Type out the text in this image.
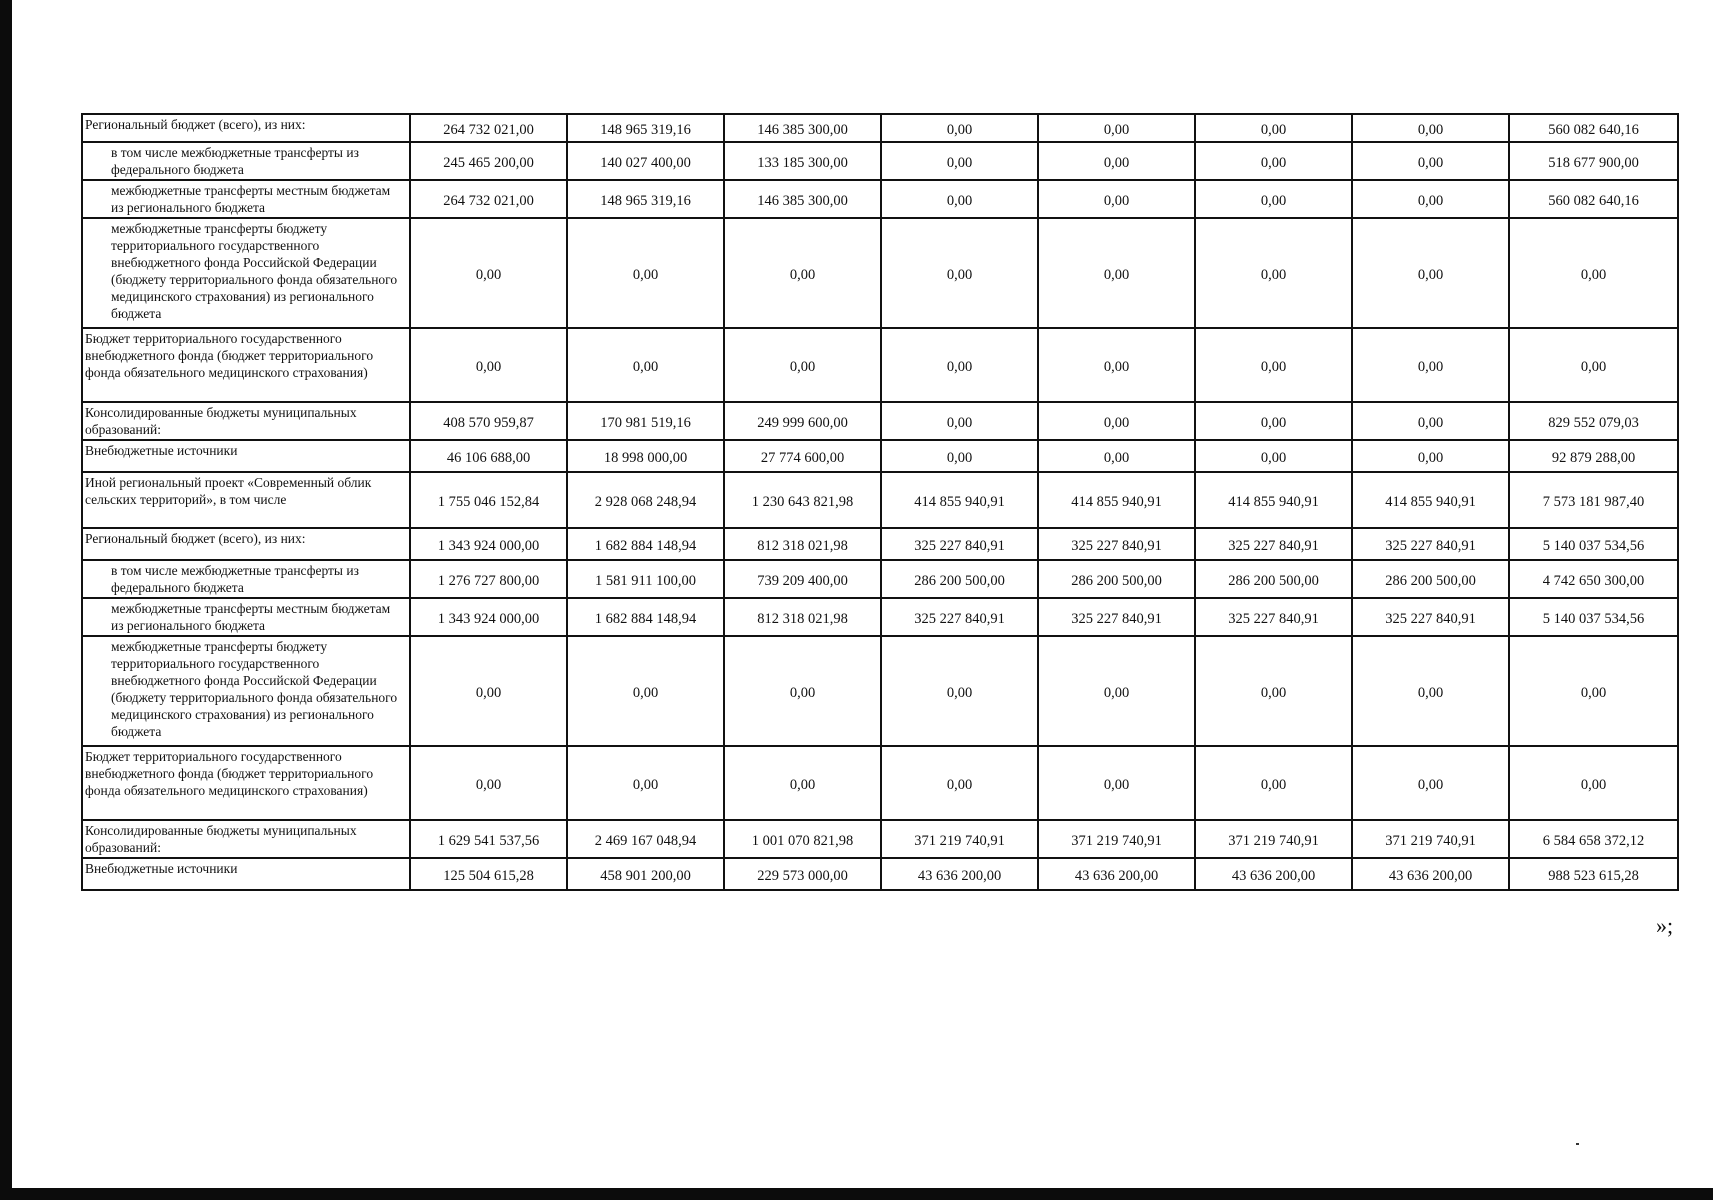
Региональный бюджет (всего), из них:	264 732 021,00	148 965 319,16	146 385 300,00	0,00	0,00	0,00	0,00	560 082 640,16
в том числе межбюджетные трансферты из федерального бюджета	245 465 200,00	140 027 400,00	133 185 300,00	0,00	0,00	0,00	0,00	518 677 900,00
межбюджетные трансферты местным бюджетам из регионального бюджета	264 732 021,00	148 965 319,16	146 385 300,00	0,00	0,00	0,00	0,00	560 082 640,16
межбюджетные трансферты бюджету территориального государственного внебюджетного фонда Российской Федерации (бюджету территориального фонда обязательного медицинского страхования) из регионального бюджета	0,00	0,00	0,00	0,00	0,00	0,00	0,00	0,00
Бюджет территориального государственного внебюджетного фонда (бюджет территориального фонда обязательного медицинского страхования)	0,00	0,00	0,00	0,00	0,00	0,00	0,00	0,00
Консолидированные бюджеты муниципальных образований:	408 570 959,87	170 981 519,16	249 999 600,00	0,00	0,00	0,00	0,00	829 552 079,03
Внебюджетные источники	46 106 688,00	18 998 000,00	27 774 600,00	0,00	0,00	0,00	0,00	92 879 288,00
Иной региональный проект «Современный облик сельских территорий», в том числе	1 755 046 152,84	2 928 068 248,94	1 230 643 821,98	414 855 940,91	414 855 940,91	414 855 940,91	414 855 940,91	7 573 181 987,40
Региональный бюджет (всего), из них:	1 343 924 000,00	1 682 884 148,94	812 318 021,98	325 227 840,91	325 227 840,91	325 227 840,91	325 227 840,91	5 140 037 534,56
в том числе межбюджетные трансферты из федерального бюджета	1 276 727 800,00	1 581 911 100,00	739 209 400,00	286 200 500,00	286 200 500,00	286 200 500,00	286 200 500,00	4 742 650 300,00
межбюджетные трансферты местным бюджетам из регионального бюджета	1 343 924 000,00	1 682 884 148,94	812 318 021,98	325 227 840,91	325 227 840,91	325 227 840,91	325 227 840,91	5 140 037 534,56
межбюджетные трансферты бюджету территориального государственного внебюджетного фонда Российской Федерации (бюджету территориального фонда обязательного медицинского страхования) из регионального бюджета	0,00	0,00	0,00	0,00	0,00	0,00	0,00	0,00
Бюджет территориального государственного внебюджетного фонда (бюджет территориального фонда обязательного медицинского страхования)	0,00	0,00	0,00	0,00	0,00	0,00	0,00	0,00
Консолидированные бюджеты муниципальных образований:	1 629 541 537,56	2 469 167 048,94	1 001 070 821,98	371 219 740,91	371 219 740,91	371 219 740,91	371 219 740,91	6 584 658 372,12
Внебюджетные источники	125 504 615,28	458 901 200,00	229 573 000,00	43 636 200,00	43 636 200,00	43 636 200,00	43 636 200,00	988 523 615,28
»;
